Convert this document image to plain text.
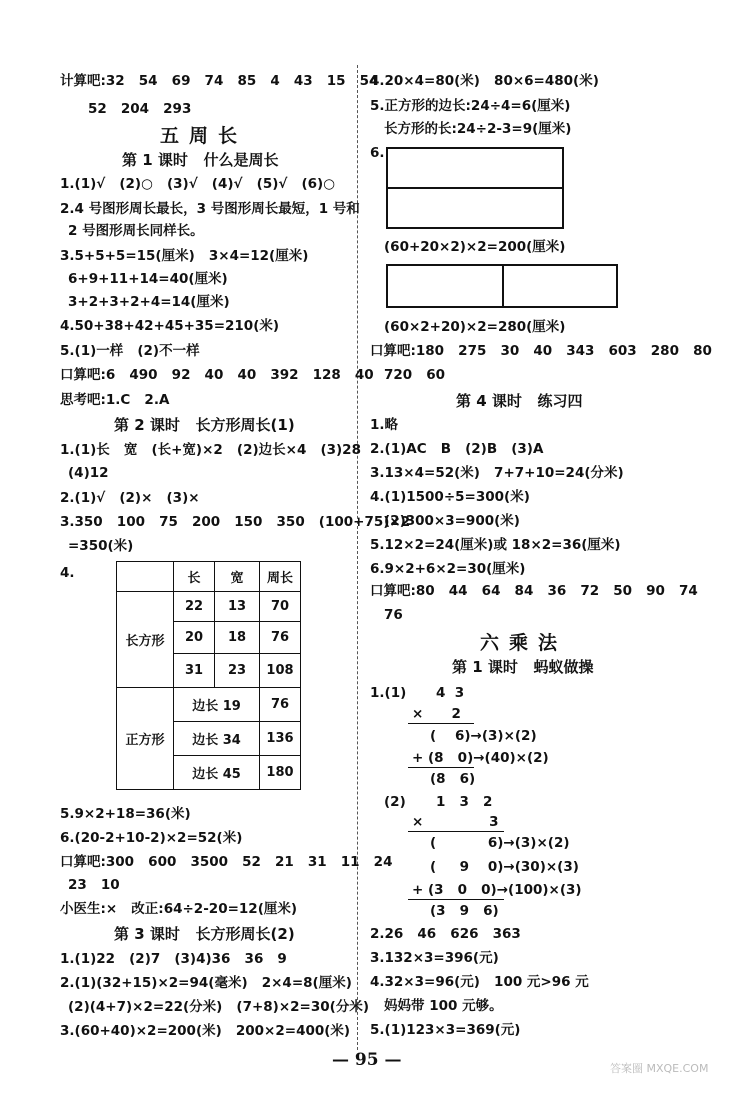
计算吧:32   54   69   74   85   4   43   15   54
52   204   293
五周长
第 1 课时   什么是周长
1.(1)√   (2)○   (3)√   (4)√   (5)√   (6)○
2.4 号图形周长最长，3 号图形周长最短，1 号和
2 号图形周长同样长。
3.5+5+5=15(厘米)   3×4=12(厘米)
6+9+11+14=40(厘米)
3+2+3+2+4=14(厘米)
4.50+38+42+45+35=210(米)
5.(1)一样   (2)不一样
口算吧:6   490   92   40   40   392   128   40
思考吧:1.C   2.A
第 2 课时   长方形周长(1)
1.(1)长   宽   (长+宽)×2   (2)边长×4   (3)28
(4)12
2.(1)√   (2)×   (3)×
3.350   100   75   200   150   350   (100+75)×2
=350(米)
4.
		长	宽	周长
长方形	22	13	70
	20	18	76
	31	23	108
正方形	边长 19		76
	边长 34		136
	边长 45		180
5.9×2+18=36(米)
6.(20-2+10-2)×2=52(米)
口算吧:300   600   3500   52   21   31   11   24
23   10
小医生:×   改正:64÷2-20=12(厘米)
第 3 课时   长方形周长(2)
1.(1)22   (2)7   (3)4)36   36   9
2.(1)(32+15)×2=94(毫米)   2×4=8(厘米)
(2)(4+7)×2=22(分米)   (7+8)×2=30(分米)
3.(60+40)×2=200(米)   200×2=400(米)
4.20×4=80(米)   80×6=480(米)
5.正方形的边长:24÷4=6(厘米)
长方形的长:24÷2-3=9(厘米)
6.
(60+20×2)×2=200(厘米)
(60×2+20)×2=280(厘米)
口算吧:180   275   30   40   343   603   280   80
720   60
第 4 课时   练习四
1.略
2.(1)AC   B   (2)B   (3)A
3.13×4=52(米)   7+7+10=24(分米)
4.(1)1500÷5=300(米)
(2)300×3=900(米)
5.12×2=24(厘米)或 18×2=36(厘米)
6.9×2+6×2=30(厘米)
口算吧:80   44   64   84   36   72   50   90   74
76
六乘法
第 1 课时   蚂蚁做操
1.(1) 4  3
×      2
(    6)→(3)×(2)
+ (8   0)→(40)×(2)
(8   6)
(2) 1   3   2
×              3
(           6)→(3)×(2)
(     9    0)→(30)×(3)
+ (3   0   0)→(100)×(3)
(3   9   6)
2.26   46   626   363
3.132×3=396(元)
4.32×3=96(元)   100 元>96 元
妈妈带 100 元够。
5.(1)123×3=369(元)
— 95 —	答案圈 MXQE.COM
